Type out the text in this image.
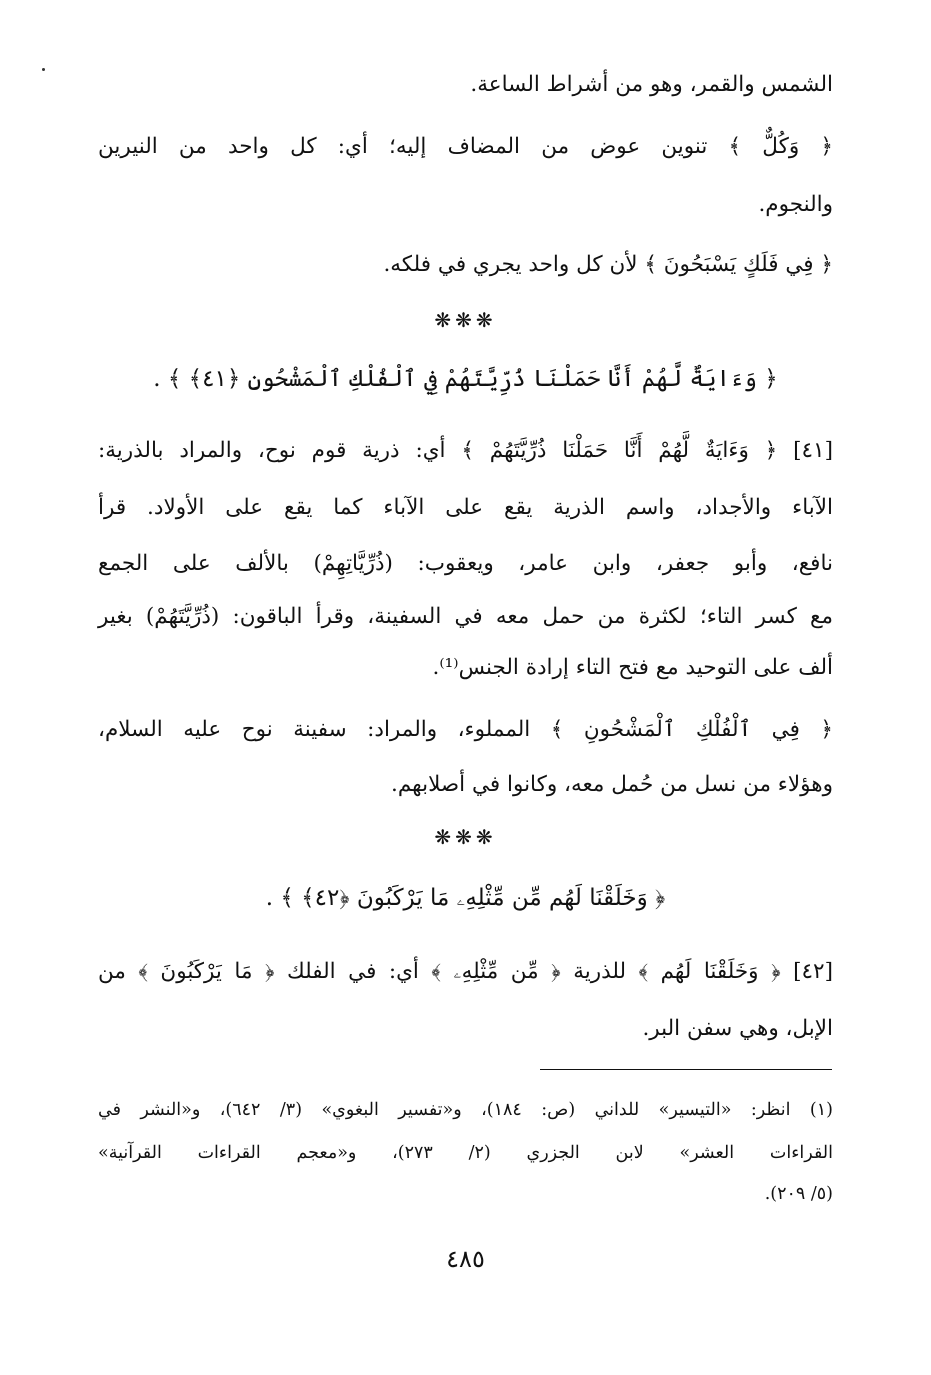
الشمس والقمر، وهو من أشراط الساعة.
﴿ وَكُلٌّ ﴾ تنوين عوض من المضاف إليه؛ أي: كل واحد من النيرين
والنجوم.
﴿ فِي فَلَكٍ يَسْبَحُونَ ﴾ لأن كل واحد يجري في فلكه.
❋❋❋
﴿ وَءَايَةٌ لَّهُمْ أَنَّا حَمَلْنَا ذُرِّيَّتَهُمْ فِي ٱلْفُلْكِ ٱلْمَشْحُونِ ﴿٤١﴾ ﴾ .
[٤١] ﴿ وَءَايَةٌ لَّهُمْ أَنَّا حَمَلْنَا ذُرِّيَّتَهُمْ ﴾ أي: ذرية قوم نوح، والمراد بالذرية:
الآباء والأجداد، واسم الذرية يقع على الآباء كما يقع على الأولاد. قرأ
نافع، وأبو جعفر، وابن عامر، ويعقوب: (ذُرِّيَّاتِهِمْ) بالألف على الجمع
مع كسر التاء؛ لكثرة من حمل معه في السفينة، وقرأ الباقون: (ذُرِّيَّتَهُمْ) بغير
ألف على التوحيد مع فتح التاء إرادة الجنس⁽¹⁾.
﴿ فِي ٱلْفُلْكِ ٱلْمَشْحُونِ ﴾ المملوء، والمراد: سفينة نوح عليه السلام،
وهؤلاء من نسل من حُمل معه، وكانوا في أصلابهم.
❋❋❋
﴿ وَخَلَقْنَا لَهُم مِّن مِّثْلِهِۦ مَا يَرْكَبُونَ ﴿٤٢﴾ ﴾ .
[٤٢] ﴿ وَخَلَقْنَا لَهُم ﴾ للذرية ﴿ مِّن مِّثْلِهِۦ ﴾ أي: في الفلك ﴿ مَا يَرْكَبُونَ ﴾ من
الإبل، وهي سفن البر.
(١) انظر: «التيسير» للداني (ص: ١٨٤)، و«تفسير البغوي» (٣/ ٦٤٢)، و«النشر في
القراءات العشر» لابن الجزري (٢/ ٢٧٣)، و«معجم القراءات القرآنية»
(٥/ ٢٠٩).
٤٨٥
